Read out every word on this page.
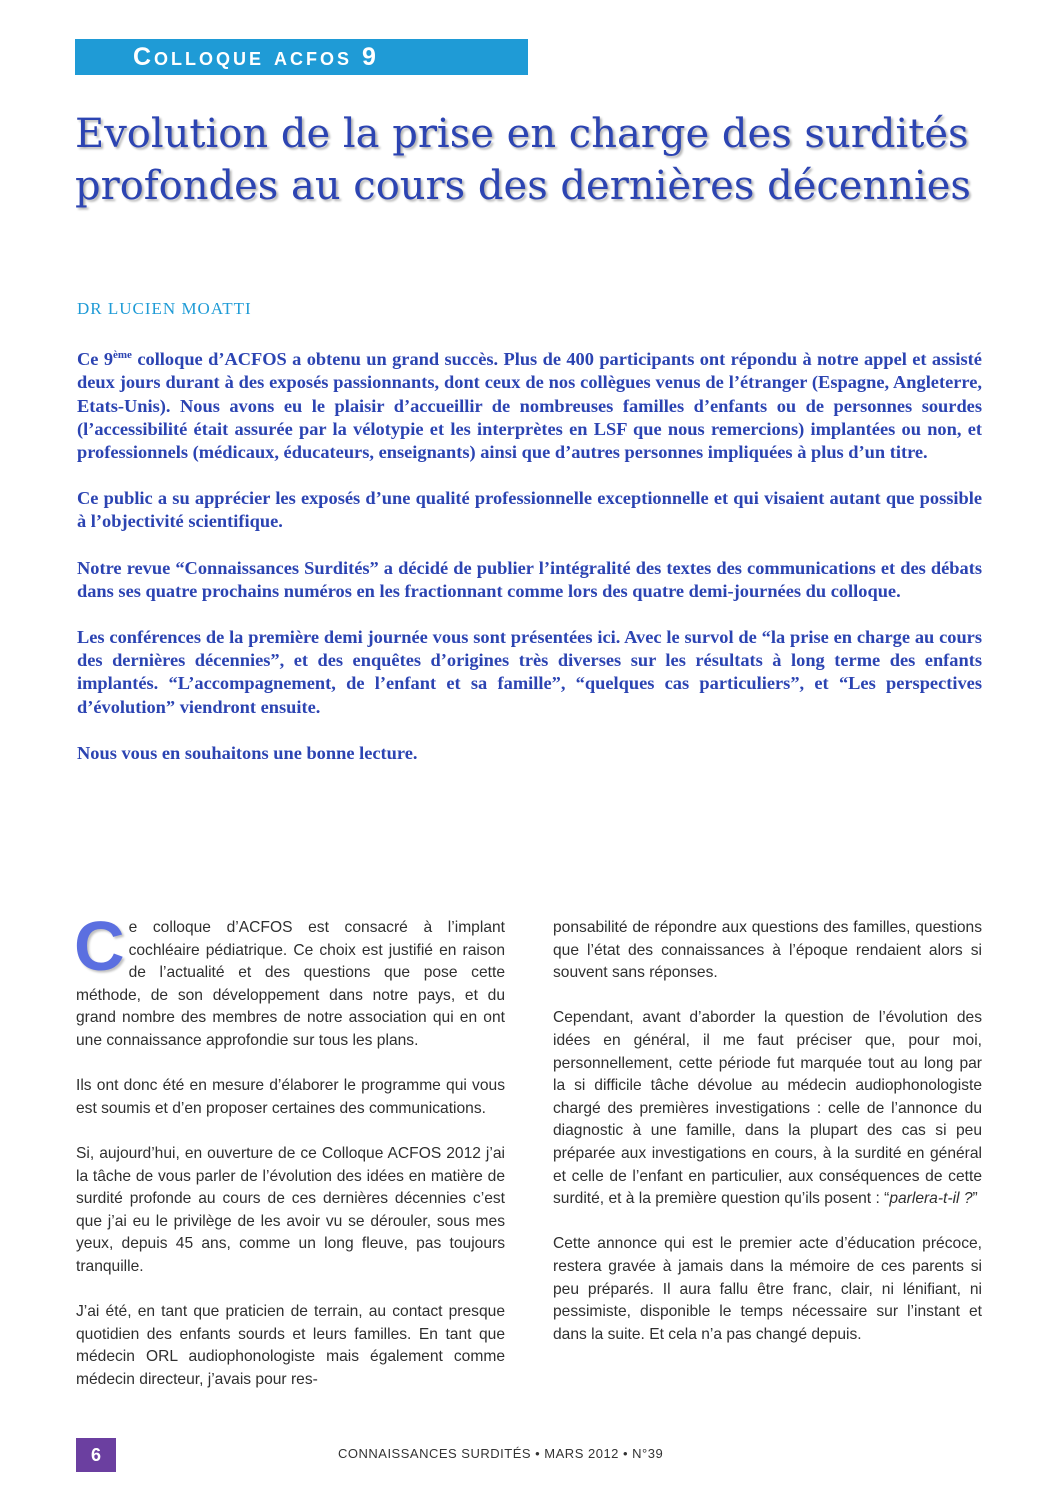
Colloque acfos 9
Evolution de la prise en charge des surdités profondes au cours des dernières décennies
DR LUCIEN MOATTI

Ce 9ème colloque d’ACFOS a obtenu un grand succès. Plus de 400 participants ont répondu à notre appel et assisté deux jours durant à des exposés passionnants, dont ceux de nos collègues venus de l’étranger (Espagne, Angleterre, Etats-Unis). Nous avons eu le plaisir d’accueillir de nombreuses familles d’enfants ou de personnes sourdes (l’accessibilité était assurée par la vélotypie et les interprètes en LSF que nous remercions) implantées ou non, et professionnels (médicaux, éducateurs, enseignants) ainsi que d’autres personnes impliquées à plus d’un titre.

Ce public a su apprécier les exposés d’une qualité professionnelle exceptionnelle et qui visaient autant que possible à l’objectivité scientifique.

Notre revue “Connaissances Surdités” a décidé de publier l’intégralité des textes des communications et des débats dans ses quatre prochains numéros en les fractionnant comme lors des quatre demi-journées du colloque.

Les conférences de la première demi journée vous sont présentées ici. Avec le survol de “la prise en charge au cours des dernières décennies”, et des enquêtes d’origines très diverses sur les résultats à long terme des enfants implantés. “L’accompagnement, de l’enfant et sa famille”, “quelques cas particuliers”, et “Les perspectives d’évolution” viendront ensuite.

Nous vous en souhaitons une bonne lecture.

Ce colloque d’ACFOS est consacré à l’implant cochléaire pédiatrique. Ce choix est justifié en raison de l’actualité et des questions que pose cette méthode, de son développement dans notre pays, et du grand nombre des membres de notre association qui en ont une connaissance approfondie sur tous les plans.

Ils ont donc été en mesure d’élaborer le programme qui vous est soumis et d’en proposer certaines des communications.

Si, aujourd’hui, en ouverture de ce Colloque ACFOS 2012 j’ai la tâche de vous parler de l’évolution des idées en matière de surdité profonde au cours de ces dernières décennies c’est que j’ai eu le privilège de les avoir vu se dérouler, sous mes yeux, depuis 45 ans, comme un long fleuve, pas toujours tranquille.

J’ai été, en tant que praticien de terrain, au contact presque quotidien des enfants sourds et leurs familles. En tant que médecin ORL audiophonologiste mais également comme médecin directeur, j’avais pour res-

ponsabilité de répondre aux questions des familles, questions que l’état des connaissances à l’époque rendaient alors si souvent sans réponses.

Cependant, avant d’aborder la question de l’évolution des idées en général, il me faut préciser que, pour moi, personnellement, cette période fut marquée tout au long par la si difficile tâche dévolue au médecin audiophonologiste chargé des premières investigations : celle de l’annonce du diagnostic à une famille, dans la plupart des cas si peu préparée aux investigations en cours, à la surdité en général et celle de l’enfant en particulier, aux conséquences de cette surdité, et à la première question qu’ils posent : “parlera-t-il ?”

Cette annonce qui est le premier acte d’éducation précoce, restera gravée à jamais dans la mémoire de ces parents si peu préparés. Il aura fallu être franc, clair, ni lénifiant, ni pessimiste, disponible le temps nécessaire sur l’instant et dans la suite. Et cela n’a pas changé depuis.

6	CONNAISSANCES SURDITÉS • MARS 2012 • N°39
